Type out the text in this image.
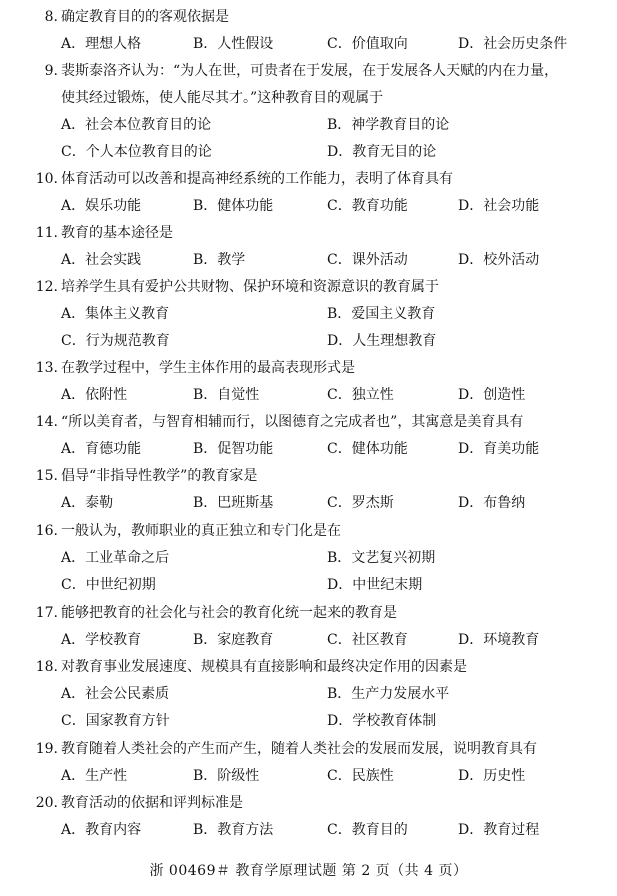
8. 确定教育目的的客观依据是
A．理想人格	B．人性假设	C．价值取向	D．社会历史条件
9. 裴斯泰洛齐认为：“为人在世，可贵者在于发展，在于发展各人天赋的内在力量，
使其经过锻炼，使人能尽其才。”这种教育目的观属于
A．社会本位教育目的论	B．神学教育目的论
C．个人本位教育目的论	D．教育无目的论
10. 体育活动可以改善和提高神经系统的工作能力，表明了体育具有
A．娱乐功能	B．健体功能	C．教育功能	D．社会功能
11. 教育的基本途径是
A．社会实践	B．教学	C．课外活动	D．校外活动
12. 培养学生具有爱护公共财物、保护环境和资源意识的教育属于
A．集体主义教育	B．爱国主义教育
C．行为规范教育	D．人生理想教育
13. 在教学过程中，学生主体作用的最高表现形式是
A．依附性	B．自觉性	C．独立性	D．创造性
14. “所以美育者，与智育相辅而行，以图德育之完成者也”，其寓意是美育具有
A．育德功能	B．促智功能	C．健体功能	D．育美功能
15. 倡导“非指导性教学”的教育家是
A．泰勒	B．巴班斯基	C．罗杰斯	D．布鲁纳
16. 一般认为，教师职业的真正独立和专门化是在
A．工业革命之后	B．文艺复兴初期
C．中世纪初期	D．中世纪末期
17. 能够把教育的社会化与社会的教育化统一起来的教育是
A．学校教育	B．家庭教育	C．社区教育	D．环境教育
18. 对教育事业发展速度、规模具有直接影响和最终决定作用的因素是
A．社会公民素质	B．生产力发展水平
C．国家教育方针	D．学校教育体制
19. 教育随着人类社会的产生而产生，随着人类社会的发展而发展，说明教育具有
A．生产性	B．阶级性	C．民族性	D．历史性
20. 教育活动的依据和评判标准是
A．教育内容	B．教育方法	C．教育目的	D．教育过程
浙 00469＃ 教育学原理试题 第 2 页（共 4 页）
